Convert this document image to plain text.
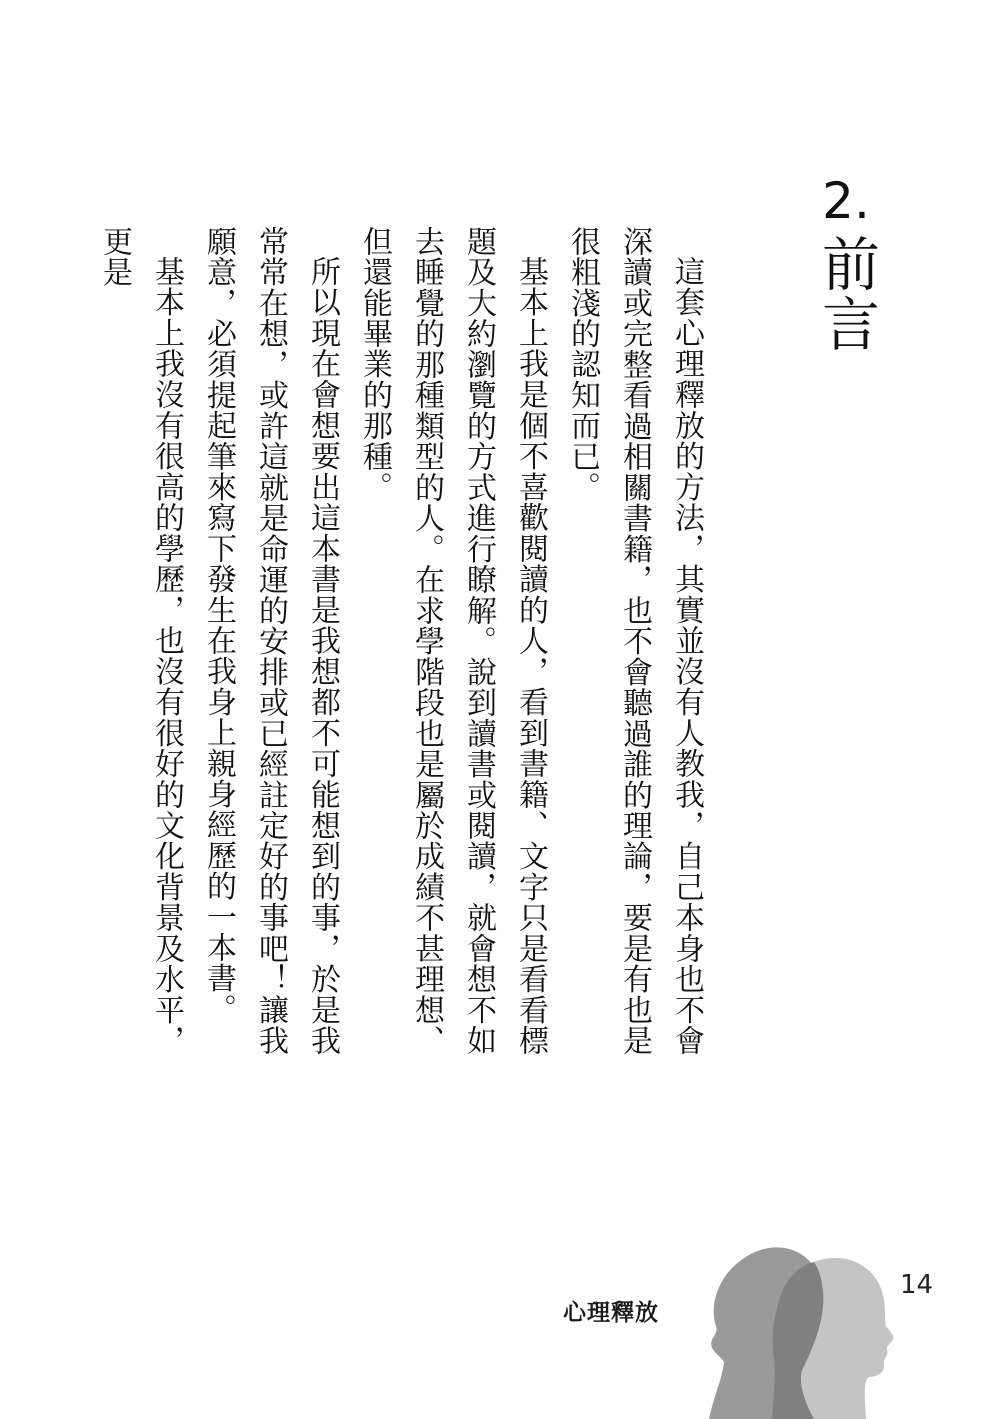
2.
前言

這套心理釋放的方法，其實並沒有人教我，自己本身也不會深讀或完整看過相關書籍，也不會聽過誰的理論，要是有也是很粗淺的認知而已。

基本上我是個不喜歡閱讀的人，看到書籍、文字只是看看標題及大約瀏覽的方式進行瞭解。說到讀書或閱讀，就會想不如去睡覺的那種類型的人。在求學階段也是屬於成績不甚理想、但還能畢業的那種。

所以現在會想要出這本書是我想都不可能想到的事，於是我常常在想，或許這就是命運的安排或已經註定好的事吧！讓我願意，必須提起筆來寫下發生在我身上親身經歷的一本書。

基本上我沒有很高的學歷，也沒有很好的文化背景及水平，更是

心理釋放
14
